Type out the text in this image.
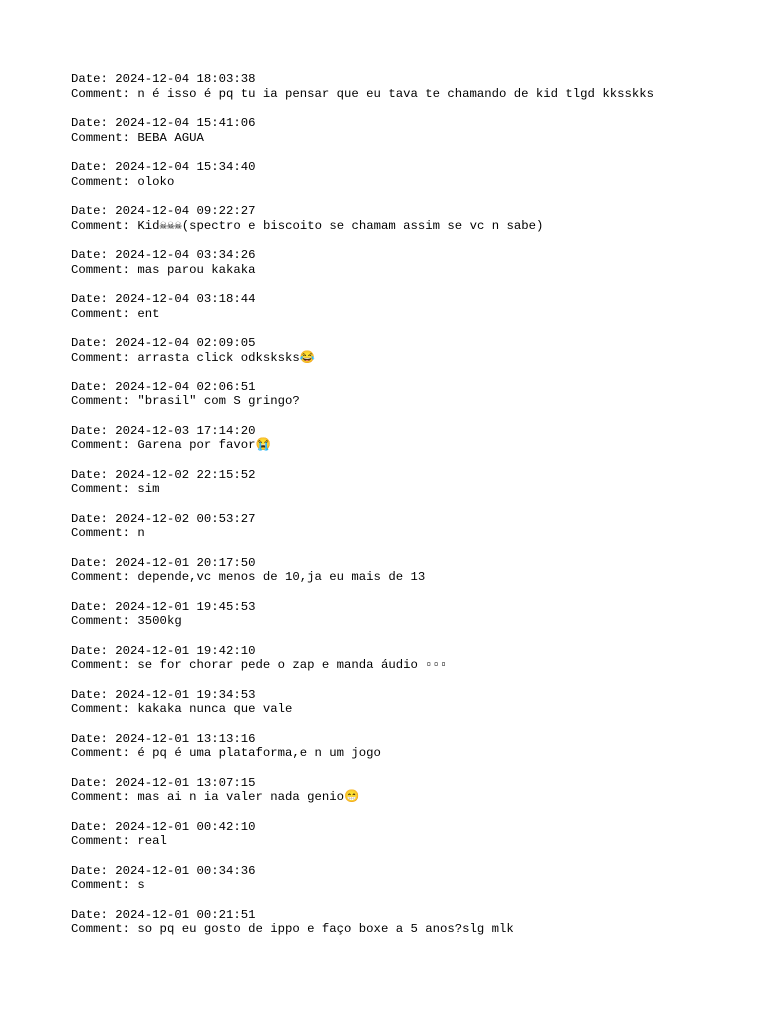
Date: 2024-12-04 18:03:38
Comment: n é isso é pq tu ia pensar que eu tava te chamando de kid tlgd kksskks
Date: 2024-12-04 15:41:06
Comment: BEBA AGUA
Date: 2024-12-04 15:34:40
Comment: oloko
Date: 2024-12-04 09:22:27
Comment: Kid☠☠☠(spectro e biscoito se chamam assim se vc n sabe)
Date: 2024-12-04 03:34:26
Comment: mas parou kakaka
Date: 2024-12-04 03:18:44
Comment: ent
Date: 2024-12-04 02:09:05
Comment: arrasta click odksksks😂
Date: 2024-12-04 02:06:51
Comment: "brasil" com S gringo?
Date: 2024-12-03 17:14:20
Comment: Garena por favor😭
Date: 2024-12-02 22:15:52
Comment: sim
Date: 2024-12-02 00:53:27
Comment: n
Date: 2024-12-01 20:17:50
Comment: depende,vc menos de 10,ja eu mais de 13
Date: 2024-12-01 19:45:53
Comment: 3500kg
Date: 2024-12-01 19:42:10
Comment: se for chorar pede o zap e manda áudio ▫▫▫
Date: 2024-12-01 19:34:53
Comment: kakaka nunca que vale
Date: 2024-12-01 13:13:16
Comment: é pq é uma plataforma,e n um jogo
Date: 2024-12-01 13:07:15
Comment: mas ai n ia valer nada genio😁
Date: 2024-12-01 00:42:10
Comment: real
Date: 2024-12-01 00:34:36
Comment: s
Date: 2024-12-01 00:21:51
Comment: so pq eu gosto de ippo e faço boxe a 5 anos?slg mlk
